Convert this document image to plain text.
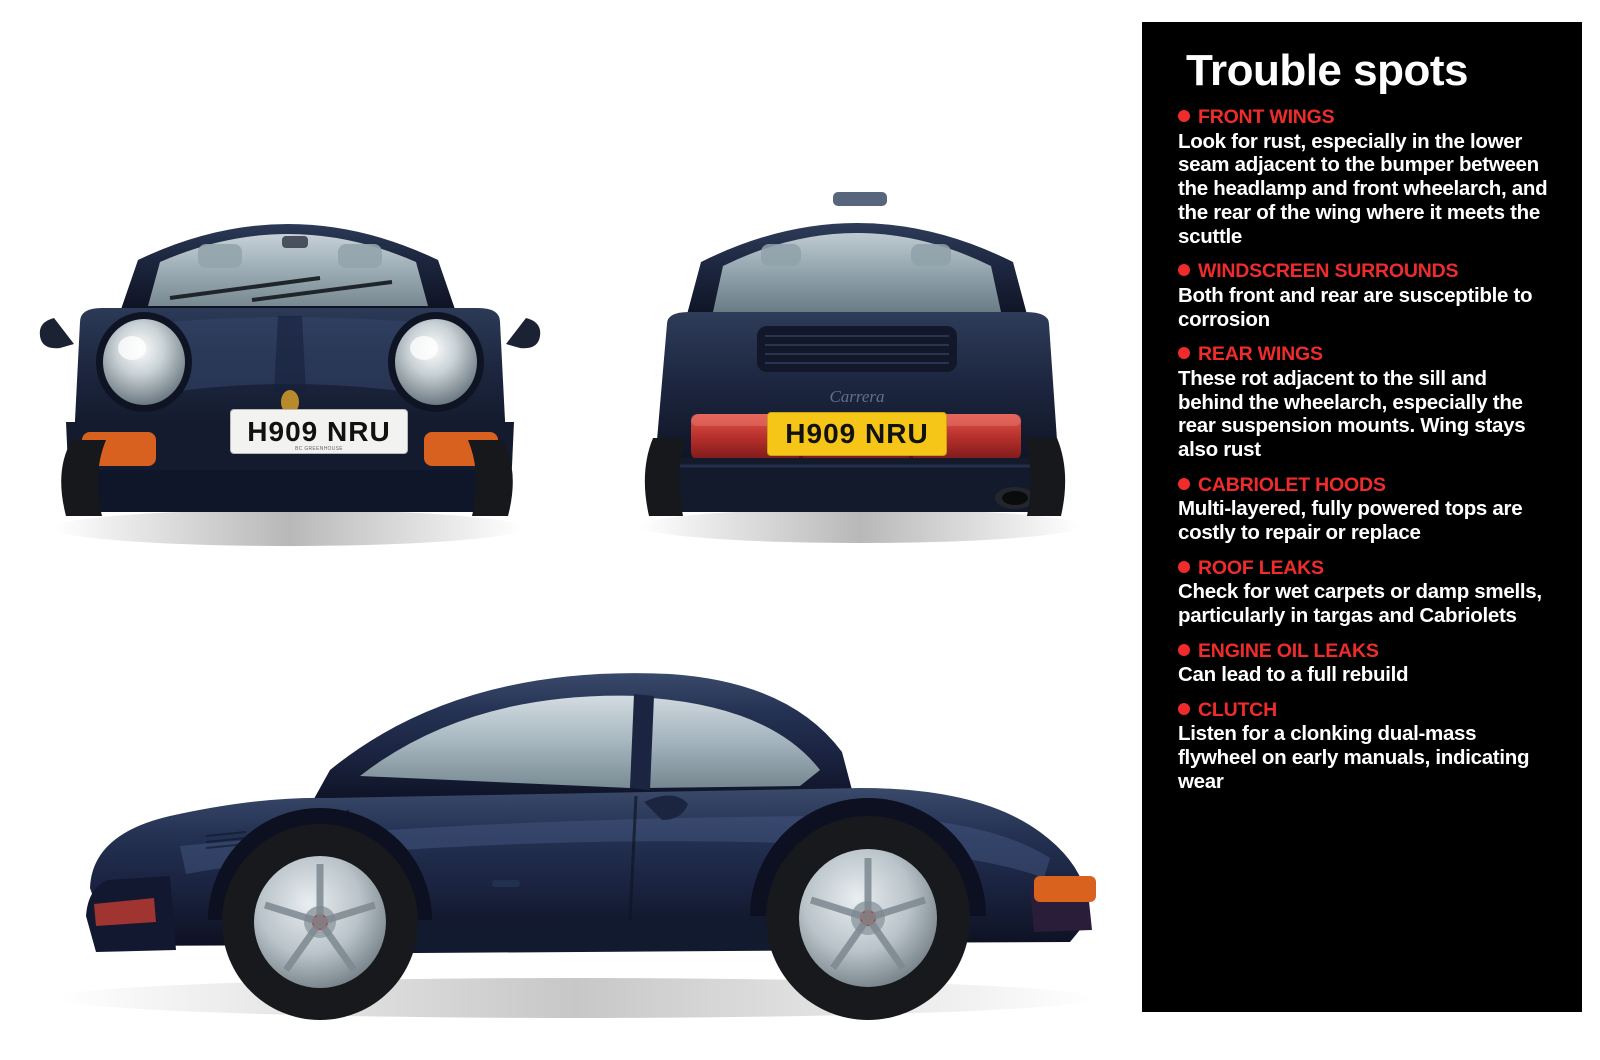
H909 NRU
BC GREENHOUSE
Carrera
H909 NRU
Trouble spots
FRONT WINGS
Look for rust, especially in the lower seam adjacent to the bumper between the headlamp and front wheelarch, and the rear of the wing where it meets the scuttle
WINDSCREEN SURROUNDS
Both front and rear are susceptible to corrosion
REAR WINGS
These rot adjacent to the sill and behind the wheelarch, especially the rear suspension mounts. Wing stays also rust
CABRIOLET HOODS
Multi-layered, fully powered tops are costly to repair or replace
ROOF LEAKS
Check for wet carpets or damp smells, particularly in targas and Cabriolets
ENGINE OIL LEAKS
Can lead to a full rebuild
CLUTCH
Listen for a clonking dual-mass flywheel on early manuals, indicating wear
